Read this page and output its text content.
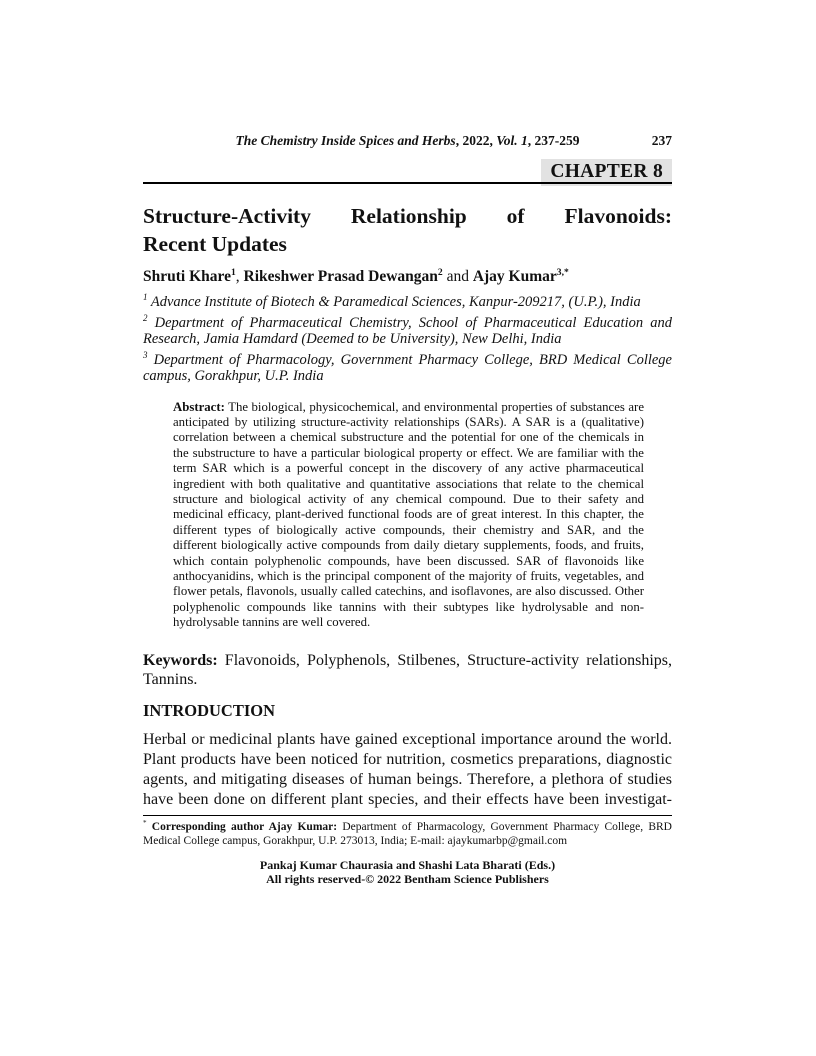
The Chemistry Inside Spices and Herbs, 2022, Vol. 1, 237-259	237
CHAPTER 8
Structure-Activity Relationship of Flavonoids:
Recent Updates
Shruti Khare$^1$, Rikeshwer Prasad Dewangan$^2$ and Ajay Kumar$^{3,*}$

$^1$ Advance Institute of Biotech & Paramedical Sciences, Kanpur-209217, (U.P.), India

$^2$ Department of Pharmaceutical Chemistry, School of Pharmaceutical Education and Research, Jamia Hamdard (Deemed to be University), New Delhi, India

$^3$ Department of Pharmacology, Government Pharmacy College, BRD Medical College campus, Gorakhpur, U.P. India

Abstract: The biological, physicochemical, and environmental properties of substances are anticipated by utilizing structure-activity relationships (SARs). A SAR is a (qualitative) correlation between a chemical substructure and the potential for one of the chemicals in the substructure to have a particular biological property or effect. We are familiar with the term SAR which is a powerful concept in the discovery of any active pharmaceutical ingredient with both qualitative and quantitative associations that relate to the chemical structure and biological activity of any chemical compound. Due to their safety and medicinal efficacy, plant-derived functional foods are of great interest. In this chapter, the different types of biologically active compounds, their chemistry and SAR, and the different biologically active compounds from daily dietary supplements, foods, and fruits, which contain polyphenolic compounds, have been discussed. SAR of flavonoids like anthocyanidins, which is the principal component of the majority of fruits, vegetables, and flower petals, flavonols, usually called catechins, and isoflavones, are also discussed. Other polyphenolic compounds like tannins with their subtypes like hydrolysable and non-hydrolysable tannins are well covered.
Keywords: Flavonoids, Polyphenols, Stilbenes, Structure-activity relationships, Tannins.
INTRODUCTION
Herbal or medicinal plants have gained exceptional importance around the world. Plant products have been noticed for nutrition, cosmetics preparations, diagnostic agents, and mitigating diseases of human beings. Therefore, a plethora of studies have been done on different plant species, and their effects have been investigat-
* Corresponding author Ajay Kumar: Department of Pharmacology, Government Pharmacy College, BRD Medical College campus, Gorakhpur, U.P. 273013, India; E-mail: ajaykumarbp@gmail.com
Pankaj Kumar Chaurasia and Shashi Lata Bharati (Eds.)
All rights reserved-© 2022 Bentham Science Publishers
